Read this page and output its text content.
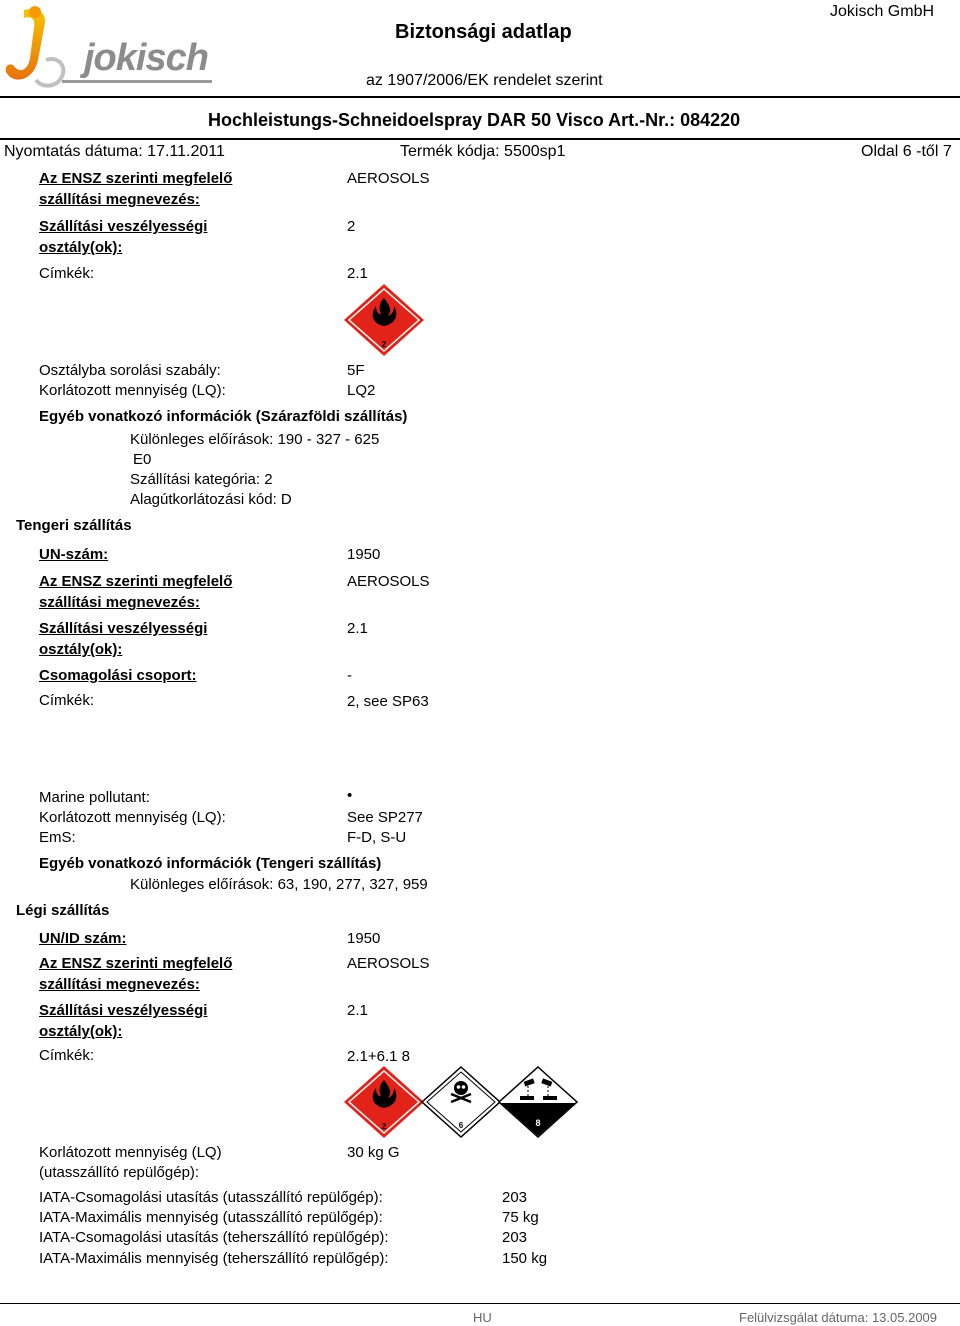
jokisch
Biztonsági adatlap
Jokisch GmbH
az 1907/2006/EK rendelet szerint
Hochleistungs-Schneidoelspray DAR 50 Visco Art.-Nr.: 084220
Nyomtatás dátuma: 17.11.2011	Termék kódja: 5500sp1	Oldal 6 -től 7
Az ENSZ szerinti megfelelő
szállítási megnevezés:
AEROSOLS
Szállítási veszélyességi
osztály(ok):
2
Címkék:	2.1
2
Osztályba sorolási szabály:	5F
Korlátozott mennyiség (LQ):	LQ2
Egyéb vonatkozó információk (Szárazföldi szállítás)
Különleges előírások: 190 - 327 - 625
E0
Szállítási kategória: 2
Alagútkorlátozási kód: D
Tengeri szállítás
UN-szám:	1950
Az ENSZ szerinti megfelelő
szállítási megnevezés:
AEROSOLS
Szállítási veszélyességi
osztály(ok):
2.1
Csomagolási csoport:	-
Címkék:	2, see SP63
Marine pollutant:	•
Korlátozott mennyiség (LQ):	See SP277
EmS:	F-D, S-U
Egyéb vonatkozó információk (Tengeri szállítás)
Különleges előírások: 63, 190, 277, 327, 959
Légi szállítás
UN/ID szám:	1950
Az ENSZ szerinti megfelelő
szállítási megnevezés:
AEROSOLS
Szállítási veszélyességi
osztály(ok):
2.1
Címkék:	2.1+6.1 8
2	6	8
Korlátozott mennyiség (LQ)
(utasszállító repülőgép):
30 kg G
IATA-Csomagolási utasítás (utasszállító repülőgép):	203
IATA-Maximális mennyiség (utasszállító repülőgép):	75 kg
IATA-Csomagolási utasítás (teherszállító repülőgép):	203
IATA-Maximális mennyiség (teherszállító repülőgép):	150 kg
HU	Felülvizsgálat dátuma: 13.05.2009
